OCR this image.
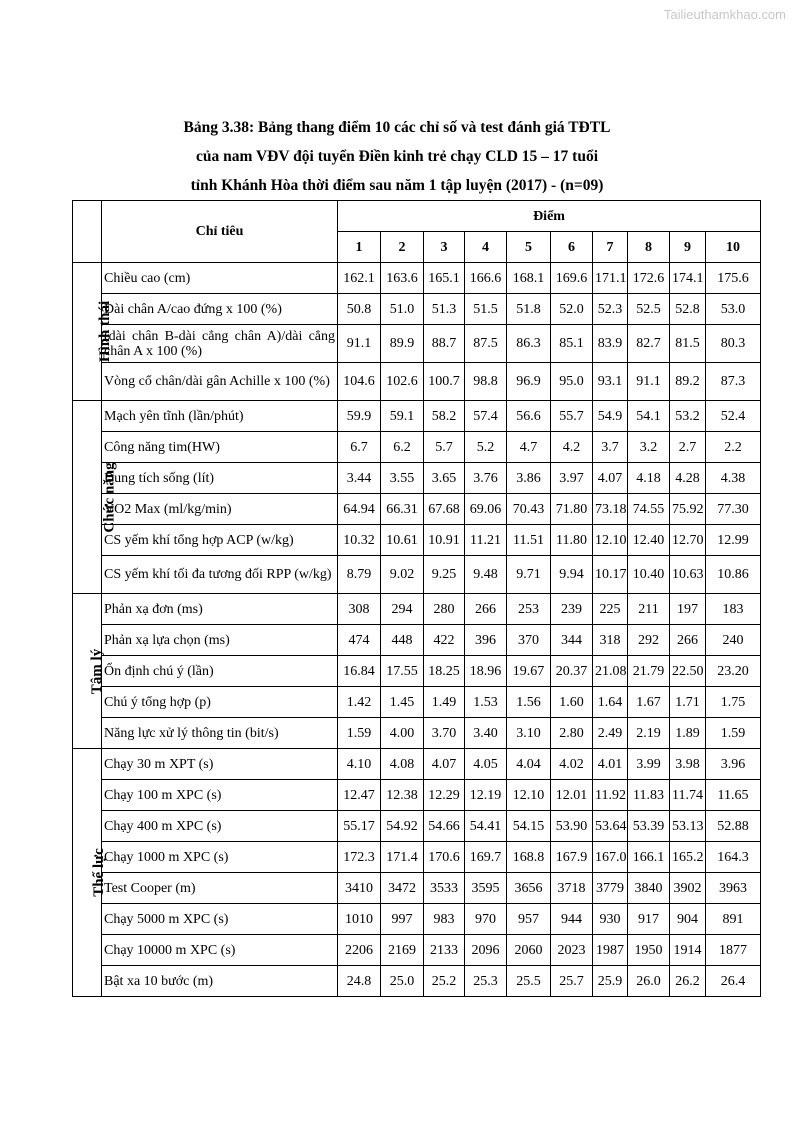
Tailieuthamkhao.com
Bảng 3.38: Bảng thang điểm 10 các chỉ số và test đánh giá TĐTL
của nam VĐV đội tuyển Điền kinh trẻ chạy CLD 15 – 17 tuổi
tỉnh Khánh Hòa thời điểm sau năm 1 tập luyện (2017) - (n=09)
	Chỉ tiêu	Điểm									
		1	2	3	4	5	6	7	8	9	10
Hình thái	Chiều cao (cm)	162.1	163.6	165.1	166.6	168.1	169.6	171.1	172.6	174.1	175.6
	Dài chân A/cao đứng x 100 (%)	50.8	51.0	51.3	51.5	51.8	52.0	52.3	52.5	52.8	53.0
	(dài chân B-dài cẳng chân A)/dài cẳng chân A x 100 (%)	91.1	89.9	88.7	87.5	86.3	85.1	83.9	82.7	81.5	80.3
	Vòng cổ chân/dài gân Achille x 100 (%)	104.6	102.6	100.7	98.8	96.9	95.0	93.1	91.1	89.2	87.3
Chức năng	Mạch yên tĩnh (lần/phút)	59.9	59.1	58.2	57.4	56.6	55.7	54.9	54.1	53.2	52.4
	Công năng tim(HW)	6.7	6.2	5.7	5.2	4.7	4.2	3.7	3.2	2.7	2.2
	Dung tích sống (lít)	3.44	3.55	3.65	3.76	3.86	3.97	4.07	4.18	4.28	4.38
	VO2 Max (ml/kg/min)	64.94	66.31	67.68	69.06	70.43	71.80	73.18	74.55	75.92	77.30
	CS yếm khí tổng hợp ACP (w/kg)	10.32	10.61	10.91	11.21	11.51	11.80	12.10	12.40	12.70	12.99
	CS yếm khí tối đa tương đối RPP (w/kg)	8.79	9.02	9.25	9.48	9.71	9.94	10.17	10.40	10.63	10.86
Tâm lý	Phản xạ đơn (ms)	308	294	280	266	253	239	225	211	197	183
	Phản xạ lựa chọn (ms)	474	448	422	396	370	344	318	292	266	240
	Ổn định chú ý (lần)	16.84	17.55	18.25	18.96	19.67	20.37	21.08	21.79	22.50	23.20
	Chú ý tổng hợp (p)	1.42	1.45	1.49	1.53	1.56	1.60	1.64	1.67	1.71	1.75
	Năng lực xử lý thông tin (bit/s)	1.59	4.00	3.70	3.40	3.10	2.80	2.49	2.19	1.89	1.59
Thể lực	Chạy 30 m XPT (s)	4.10	4.08	4.07	4.05	4.04	4.02	4.01	3.99	3.98	3.96
	Chạy 100 m XPC (s)	12.47	12.38	12.29	12.19	12.10	12.01	11.92	11.83	11.74	11.65
	Chạy 400 m XPC (s)	55.17	54.92	54.66	54.41	54.15	53.90	53.64	53.39	53.13	52.88
	Chạy 1000 m XPC (s)	172.3	171.4	170.6	169.7	168.8	167.9	167.0	166.1	165.2	164.3
	Test Cooper (m)	3410	3472	3533	3595	3656	3718	3779	3840	3902	3963
	Chạy 5000 m XPC (s)	1010	997	983	970	957	944	930	917	904	891
	Chạy 10000 m XPC (s)	2206	2169	2133	2096	2060	2023	1987	1950	1914	1877
	Bật xa 10 bước (m)	24.8	25.0	25.2	25.3	25.5	25.7	25.9	26.0	26.2	26.4
